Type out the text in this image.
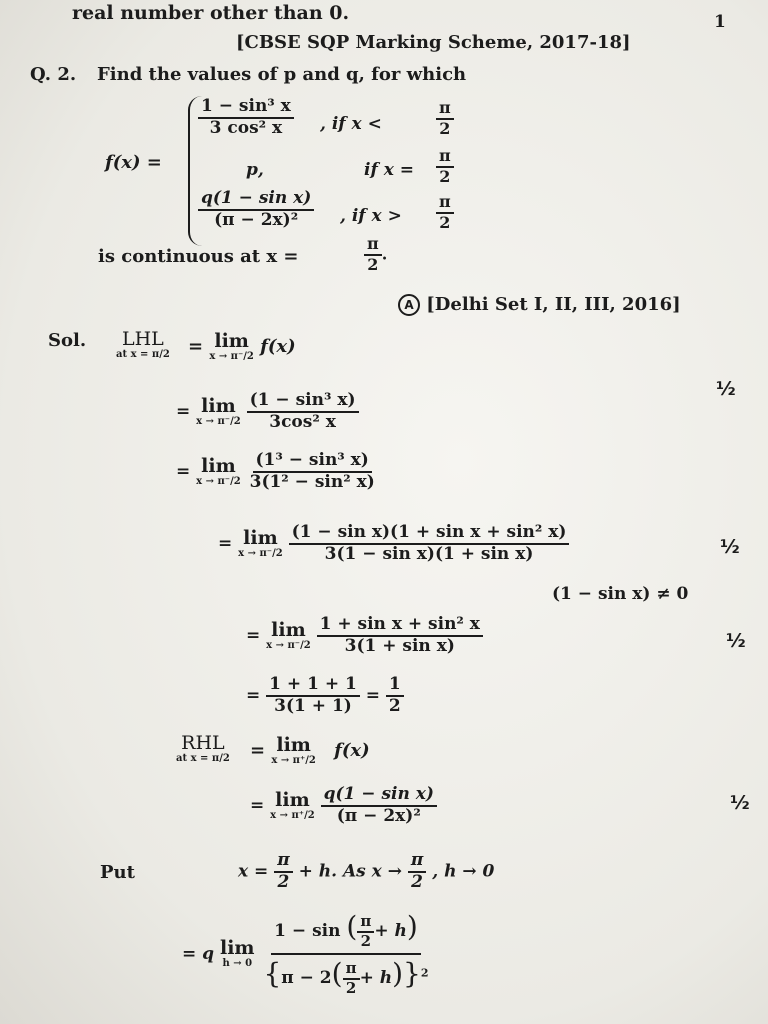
real number other than 0.	1
[CBSE SQP Marking Scheme, 2017-18]
Q. 2. Find the values of p and q, for which
f(x) =
$\frac{\text{1 − sin³ x}}{\text{3 cos² x}}$ , if x <	$\frac{\pi}{2}$
p,	if $x = \frac{\pi}{2}$
$\frac{\text{q(1 − sin x)}}{\text{(π − 2x)²}}$ , if $x > \frac{\pi}{2}$
is continuous at x =	$\frac{\pi}{2}$ .
A [Delhi Set I, II, III, 2016]
Sol. LHL
at x = π/2 = lim
x → π⁻/2 f(x)
= lim
x → π⁻/2
$\frac{\text{(1 − sin³ x)}}{\text{3cos² x}}$
½
= lim
x → π⁻/2
$\frac{\text{(1³ − sin³ x)}}{\text{3(1² − sin² x)}}$
= lim
x → π⁻/2
$\frac{\text{(1 − sin x)(1 + sin x + sin² x)}}{\text{3(1 − sin x)(1 + sin x)}}$	½
(1 − sin x) ≠ 0
= lim
x → π⁻/2
$\frac{\text{1 + sin x + sin² x}}{\text{3(1 + sin x)}}$	½
= $\frac{1 + 1 + 1}{3(1 + 1)} = \frac{1}{2}$
RHL
at x = π/2 = lim
x → π⁺/2 f(x)
= lim
x → π⁺/2
$\frac{\text{q(1 − sin x)}}{\text{(π − 2x)²}}$	½
Put	$x = \frac{\pi}{2} + h$. As $x \to \frac{\pi}{2}$ , h → 0
= q lim
h → 0
$\frac{1 - \sin ( \frac{\pi}{2} + h)}{\{\pi - 2( \frac{\pi}{2} + h)\}^2}$
